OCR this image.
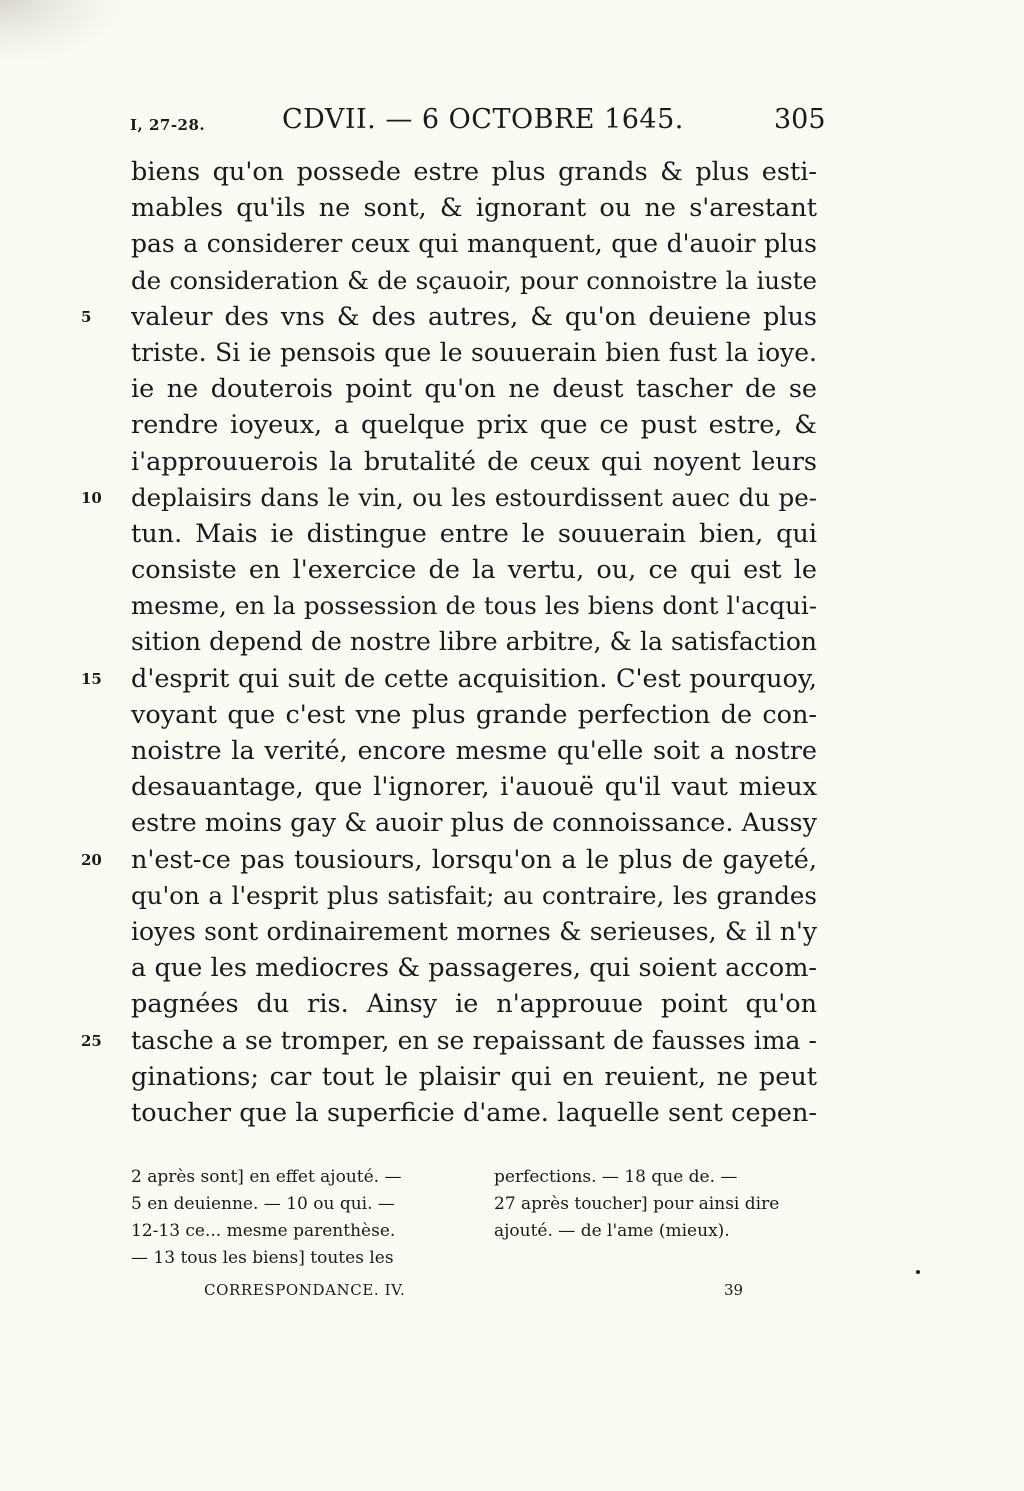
I, 27-28.	CDVII. — 6 OCTOBRE 1645.	305
biens qu'on possede estre plus grands & plus esti-
mables qu'ils ne sont, & ignorant ou ne s'arestant
pas a considerer ceux qui manquent, que d'auoir plus
de consideration & de sçauoir, pour connoistre la iuste
5	valeur des vns & des autres, & qu'on deuiene plus
triste. Si ie pensois que le souuerain bien fust la ioye.
ie ne douterois point qu'on ne deust tascher de se
rendre ioyeux, a quelque prix que ce pust estre, &
i'approuuerois la brutalité de ceux qui noyent leurs
10 deplaisirs dans le vin, ou les estourdissent auec du pe-
tun. Mais ie distingue entre le souuerain bien, qui
consiste en l'exercice de la vertu, ou, ce qui est le
mesme, en la possession de tous les biens dont l'acqui-
sition depend de nostre libre arbitre, & la satisfaction
15 d'esprit qui suit de cette acquisition. C'est pourquoy,
voyant que c'est vne plus grande perfection de con-
noistre la verité, encore mesme qu'elle soit a nostre
desauantage, que l'ignorer, i'auouë qu'il vaut mieux
estre moins gay & auoir plus de connoissance. Aussy
20 n'est-ce pas tousiours, lorsqu'on a le plus de gayeté,
qu'on a l'esprit plus satisfait; au contraire, les grandes
ioyes sont ordinairement mornes & serieuses, & il n'y
a que les mediocres & passageres, qui soient accom-
pagnées du ris. Ainsy ie n'approuue point qu'on
25 tasche a se tromper, en se repaissant de fausses ima -
ginations; car tout le plaisir qui en reuient, ne peut
toucher que la superficie d'ame. laquelle sent cepen-
2 après sont] en effet ajouté. —
5 en deuienne. — 10 ou qui. —
12-13 ce... mesme parenthèse.
— 13 tous les biens] toutes les
perfections. — 18 que de. —
27 après toucher] pour ainsi dire
ajouté. — de l'ame (mieux).
CORRESPONDANCE. IV.	39
